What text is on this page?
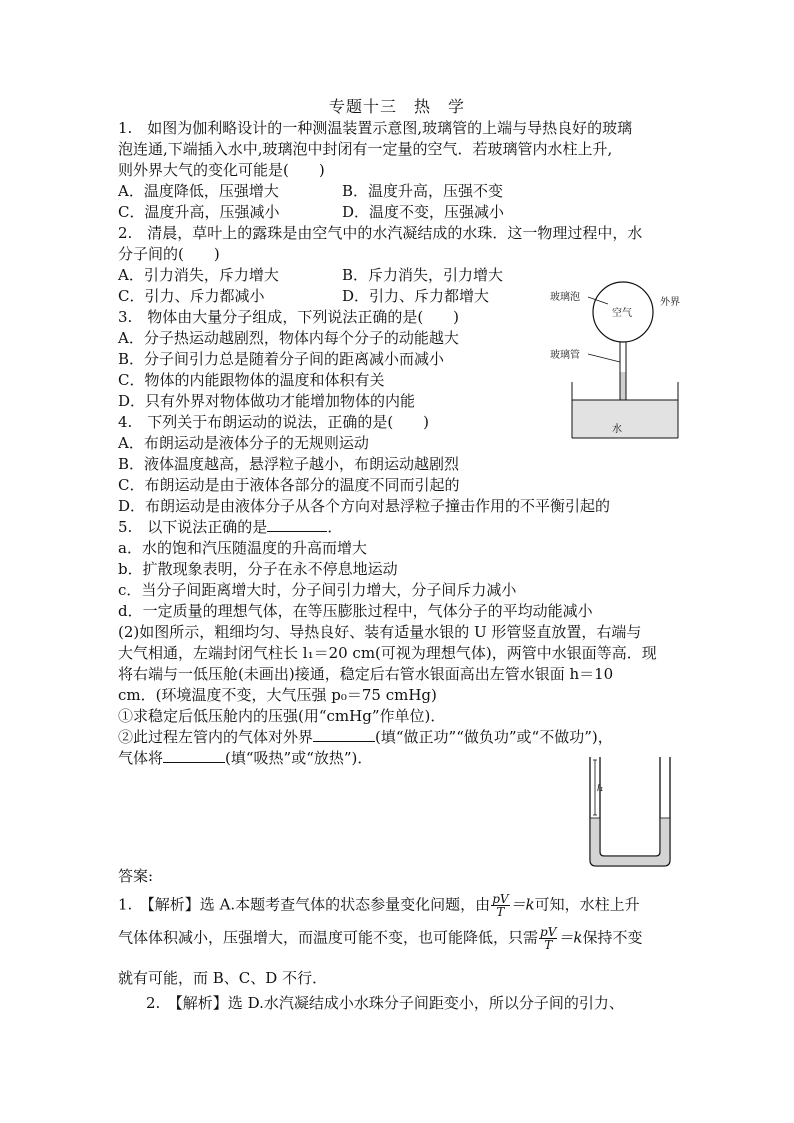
专题十三　热　学
1.　如图为伽利略设计的一种测温装置示意图,玻璃管的上端与导热良好的玻璃
泡连通,下端插入水中,玻璃泡中封闭有一定量的空气．若玻璃管内水柱上升,
则外界大气的变化可能是(　　)
A．温度降低，压强增大	B．温度升高，压强不变
C．温度升高，压强减小	D．温度不变，压强减小
2.　清晨，草叶上的露珠是由空气中的水汽凝结成的水珠．这一物理过程中，水
分子间的(　　)
A．引力消失，斥力增大	B．斥力消失，引力增大
C．引力、斥力都减小	D．引力、斥力都增大
3.　物体由大量分子组成，下列说法正确的是(　　)
A．分子热运动越剧烈，物体内每个分子的动能越大
B．分子间引力总是随着分子间的距离减小而减小
C．物体的内能跟物体的温度和体积有关
D．只有外界对物体做功才能增加物体的内能
4.　下列关于布朗运动的说法，正确的是(　　)
A．布朗运动是液体分子的无规则运动
B．液体温度越高，悬浮粒子越小，布朗运动越剧烈
C．布朗运动是由于液体各部分的温度不同而引起的
D．布朗运动是由液体分子从各个方向对悬浮粒子撞击作用的不平衡引起的
5.　以下说法正确的是	．
a．水的饱和汽压随温度的升高而增大
b．扩散现象表明，分子在永不停息地运动
c．当分子间距离增大时，分子间引力增大，分子间斥力减小
d．一定质量的理想气体，在等压膨胀过程中，气体分子的平均动能减小
(2)如图所示，粗细均匀、导热良好、装有适量水银的 U 形管竖直放置，右端与
大气相通，左端封闭气柱长 l₁＝20 cm(可视为理想气体)，两管中水银面等高．现
将右端与一低压舱(未画出)接通，稳定后右管水银面高出左管水银面 h＝10
cm．(环境温度不变，大气压强 p₀＝75 cmHg)
①求稳定后低压舱内的压强(用“cmHg”作单位)．
②此过程左管内的气体对外界	(填“做正功”“做负功”或“不做功”)，
气体将	(填“吸热”或“放热”)．
玻璃泡
空气
外界
玻璃管
水
l₁
答案:
1.　【解析】选 A.本题考查气体的状态参量变化问题，由 $\frac{pV}{T} =k$可知，水柱上升
气体体积减小，压强增大，而温度可能不变，也可能降低，只需 $\frac{pV}{T} =k$保持不变
就有可能，而 B、C、D 不行．
2.　【解析】选 D.水汽凝结成小水珠分子间距变小，所以分子间的引力、
